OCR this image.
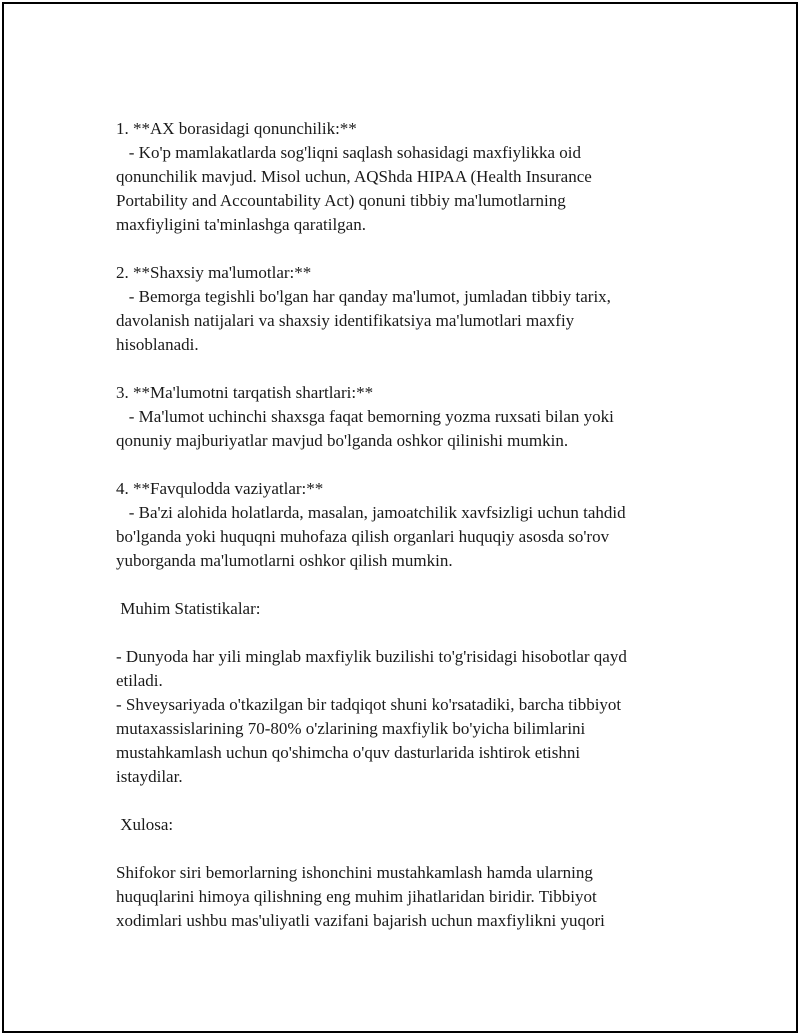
1. **AX borasidagi qonunchilik:**
- Ko'p mamlakatlarda sog'liqni saqlash sohasidagi maxfiylikka oid
qonunchilik mavjud. Misol uchun, AQShda HIPAA (Health Insurance
Portability and Accountability Act) qonuni tibbiy ma'lumotlarning
maxfiyligini ta'minlashga qaratilgan.
2. **Shaxsiy ma'lumotlar:**
- Bemorga tegishli bo'lgan har qanday ma'lumot, jumladan tibbiy tarix,
davolanish natijalari va shaxsiy identifikatsiya ma'lumotlari maxfiy
hisoblanadi.
3. **Ma'lumotni tarqatish shartlari:**
- Ma'lumot uchinchi shaxsga faqat bemorning yozma ruxsati bilan yoki
qonuniy majburiyatlar mavjud bo'lganda oshkor qilinishi mumkin.
4. **Favqulodda vaziyatlar:**
- Ba'zi alohida holatlarda, masalan, jamoatchilik xavfsizligi uchun tahdid
bo'lganda yoki huquqni muhofaza qilish organlari huquqiy asosda so'rov
yuborganda ma'lumotlarni oshkor qilish mumkin.
Muhim Statistikalar:
- Dunyoda har yili minglab maxfiylik buzilishi to'g'risidagi hisobotlar qayd
etiladi.
- Shveysariyada o'tkazilgan bir tadqiqot shuni ko'rsatadiki, barcha tibbiyot
mutaxassislarining 70-80% o'zlarining maxfiylik bo'yicha bilimlarini
mustahkamlash uchun qo'shimcha o'quv dasturlarida ishtirok etishni
istaydilar.
Xulosa:
Shifokor siri bemorlarning ishonchini mustahkamlash hamda ularning
huquqlarini himoya qilishning eng muhim jihatlaridan biridir. Tibbiyot
xodimlari ushbu mas'uliyatli vazifani bajarish uchun maxfiylikni yuqori
